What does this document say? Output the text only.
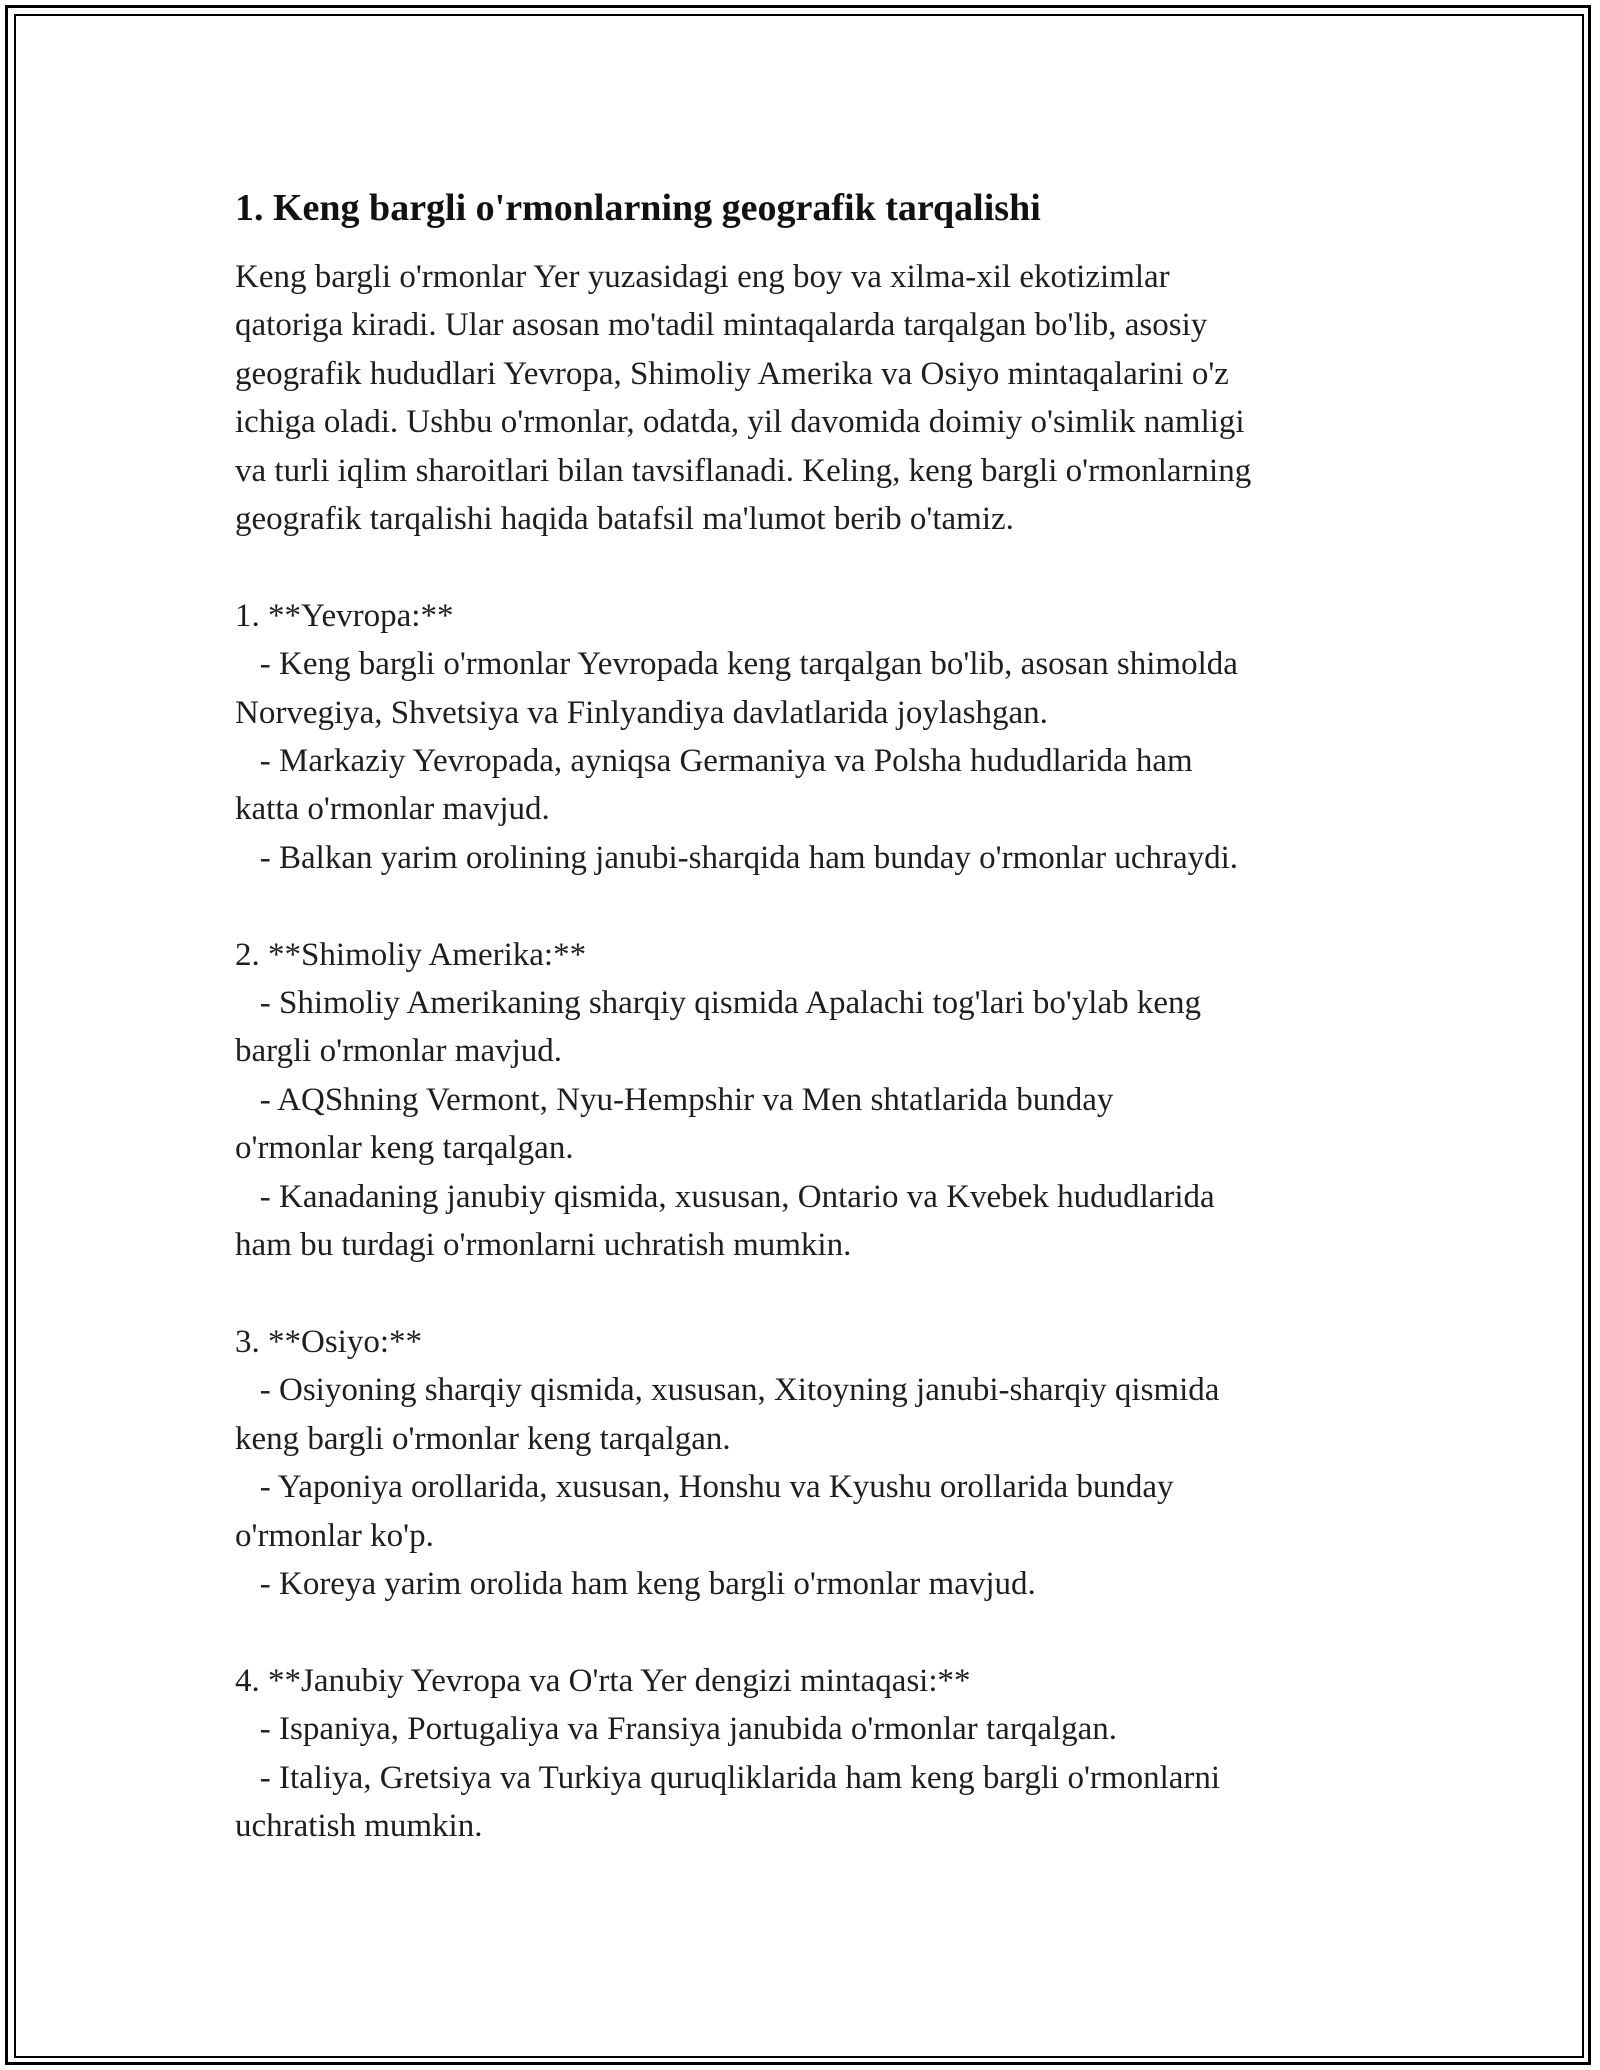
1. Keng bargli o'rmonlarning geografik tarqalishi

Keng bargli o'rmonlar Yer yuzasidagi eng boy va xilma-xil ekotizimlar
qatoriga kiradi. Ular asosan mo'tadil mintaqalarda tarqalgan bo'lib, asosiy
geografik hududlari Yevropa, Shimoliy Amerika va Osiyo mintaqalarini o'z
ichiga oladi. Ushbu o'rmonlar, odatda, yil davomida doimiy o'simlik namligi
va turli iqlim sharoitlari bilan tavsiflanadi. Keling, keng bargli o'rmonlarning
geografik tarqalishi haqida batafsil ma'lumot berib o'tamiz.

1. **Yevropa:**

- Keng bargli o'rmonlar Yevropada keng tarqalgan bo'lib, asosan shimolda
Norvegiya, Shvetsiya va Finlyandiya davlatlarida joylashgan.

- Markaziy Yevropada, ayniqsa Germaniya va Polsha hududlarida ham
katta o'rmonlar mavjud.

- Balkan yarim orolining janubi-sharqida ham bunday o'rmonlar uchraydi.

2. **Shimoliy Amerika:**

- Shimoliy Amerikaning sharqiy qismida Apalachi tog'lari bo'ylab keng
bargli o'rmonlar mavjud.

- AQShning Vermont, Nyu-Hempshir va Men shtatlarida bunday
o'rmonlar keng tarqalgan.

- Kanadaning janubiy qismida, xususan, Ontario va Kvebek hududlarida
ham bu turdagi o'rmonlarni uchratish mumkin.

3. **Osiyo:**

- Osiyoning sharqiy qismida, xususan, Xitoyning janubi-sharqiy qismida
keng bargli o'rmonlar keng tarqalgan.

- Yaponiya orollarida, xususan, Honshu va Kyushu orollarida bunday
o'rmonlar ko'p.

- Koreya yarim orolida ham keng bargli o'rmonlar mavjud.

4. **Janubiy Yevropa va O'rta Yer dengizi mintaqasi:**

- Ispaniya, Portugaliya va Fransiya janubida o'rmonlar tarqalgan.

- Italiya, Gretsiya va Turkiya quruqliklarida ham keng bargli o'rmonlarni
uchratish mumkin.
